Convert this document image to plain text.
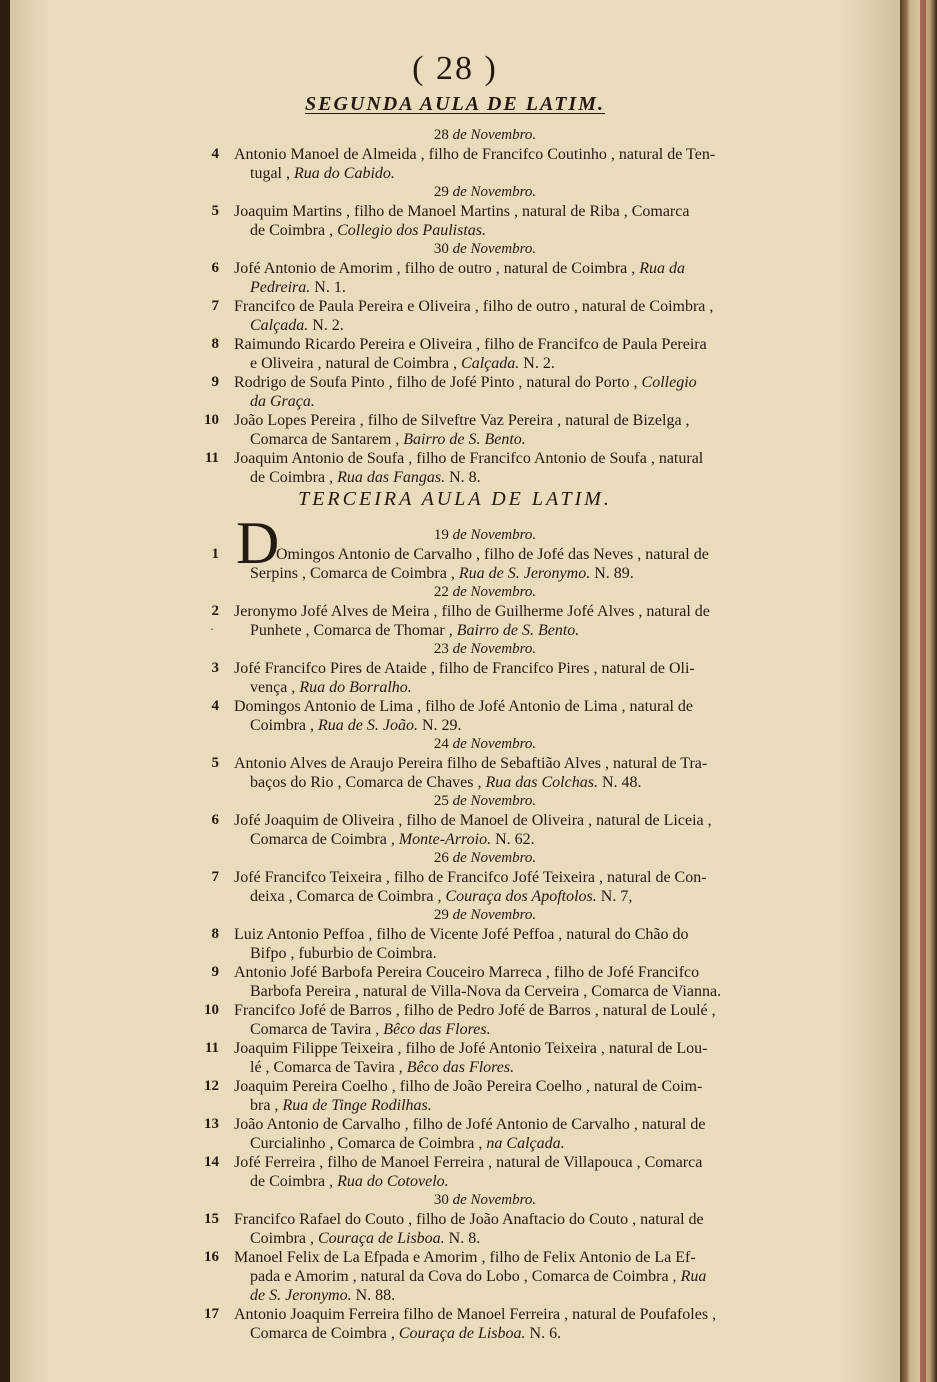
( 28 )
SEGUNDA AULA DE LATIM.
28 de Novembro.
4 Antonio Manoel de Almeida , filho de Francifco Coutinho , natural de Ten-
tugal , Rua do Cabido.
29 de Novembro.
5 Joaquim Martins , filho de Manoel Martins , natural de Riba , Comarca
de Coimbra , Collegio dos Paulistas.
30 de Novembro.
6 Jofé Antonio de Amorim , filho de outro , natural de Coimbra , Rua da
Pedreira. N. 1.
7 Francifco de Paula Pereira e Oliveira , filho de outro , natural de Coimbra ,
Calçada. N. 2.
8 Raimundo Ricardo Pereira e Oliveira , filho de Francifco de Paula Pereira
e Oliveira , natural de Coimbra , Calçada. N. 2.
9 Rodrigo de Soufa Pinto , filho de Jofé Pinto , natural do Porto , Collegio
da Graça.
10 João Lopes Pereira , filho de Silveftre Vaz Pereira , natural de Bizelga ,
Comarca de Santarem , Bairro de S. Bento.
11 Joaquim Antonio de Soufa , filho de Francifco Antonio de Soufa , natural
de Coimbra , Rua das Fangas. N. 8.
TERCEIRA AULA DE LATIM.
D	19 de Novembro.
1	Omingos Antonio de Carvalho , filho de Jofé das Neves , natural de
Serpins , Comarca de Coimbra , Rua de S. Jeronymo. N. 89.
22 de Novembro.
2
·
Jeronymo Jofé Alves de Meira , filho de Guilherme Jofé Alves , natural de
Punhete , Comarca de Thomar , Bairro de S. Bento.
23 de Novembro.
3 Jofé Francifco Pires de Ataide , filho de Francifco Pires , natural de Oli-
vença , Rua do Borralho.
4 Domingos Antonio de Lima , filho de Jofé Antonio de Lima , natural de
Coimbra , Rua de S. João. N. 29.
24 de Novembro.
5 Antonio Alves de Araujo Pereira filho de Sebaftião Alves , natural de Tra-
baços do Rio , Comarca de Chaves , Rua das Colchas. N. 48.
25 de Novembro.
6 Jofé Joaquim de Oliveira , filho de Manoel de Oliveira , natural de Liceia ,
Comarca de Coimbra , Monte-Arroio. N. 62.
26 de Novembro.
7 Jofé Francifco Teixeira , filho de Francifco Jofé Teixeira , natural de Con-
deixa , Comarca de Coimbra , Couraça dos Apoftolos. N. 7,
29 de Novembro.
8 Luiz Antonio Peffoa , filho de Vicente Jofé Peffoa , natural do Chão do
Bifpo , fuburbio de Coimbra.
9 Antonio Jofé Barbofa Pereira Couceiro Marreca , filho de Jofé Francifco
Barbofa Pereira , natural de Villa-Nova da Cerveira , Comarca de Vianna.
10 Francifco Jofé de Barros , filho de Pedro Jofé de Barros , natural de Loulé ,
Comarca de Tavira , Bêco das Flores.
11 Joaquim Filippe Teixeira , filho de Jofé Antonio Teixeira , natural de Lou-
lé , Comarca de Tavira , Bêco das Flores.
12 Joaquim Pereira Coelho , filho de João Pereira Coelho , natural de Coim-
bra , Rua de Tinge Rodilhas.
13 João Antonio de Carvalho , filho de Jofé Antonio de Carvalho , natural de
Curcialinho , Comarca de Coimbra , na Calçada.
14 Jofé Ferreira , filho de Manoel Ferreira , natural de Villapouca , Comarca
de Coimbra , Rua do Cotovelo.
30 de Novembro.
15 Francifco Rafael do Couto , filho de João Anaftacio do Couto , natural de
Coimbra , Couraça de Lisboa. N. 8.
16 Manoel Felix de La Efpada e Amorim , filho de Felix Antonio de La Ef-
pada e Amorim , natural da Cova do Lobo , Comarca de Coimbra , Rua
de S. Jeronymo. N. 88.
17 Antonio Joaquim Ferreira filho de Manoel Ferreira , natural de Poufafoles ,
Comarca de Coimbra , Couraça de Lisboa. N. 6.
